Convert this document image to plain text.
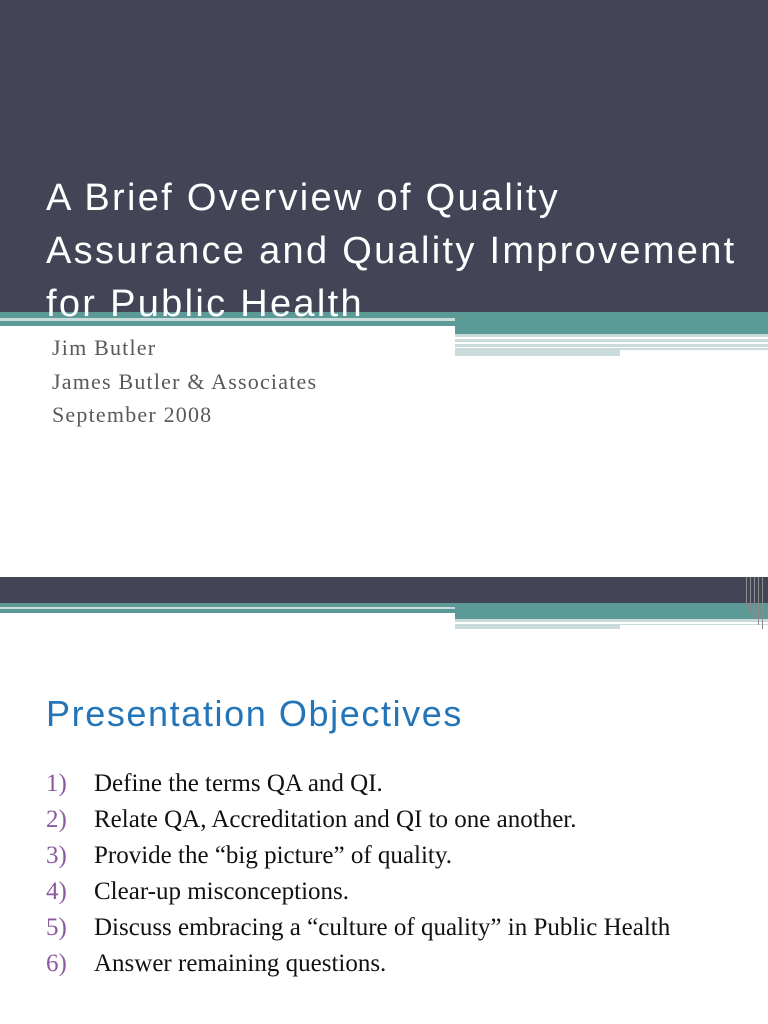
A Brief Overview of Quality
Assurance and Quality Improvement
for Public Health

Jim Butler

James Butler & Associates

September 2008

Presentation Objectives
1)	Define the terms QA and QI.
2)	Relate QA, Accreditation and QI to one another.
3)	Provide the “big picture” of quality.
4)	Clear-up misconceptions.
5)	Discuss embracing a “culture of quality” in Public Health
6)	Answer remaining questions.
